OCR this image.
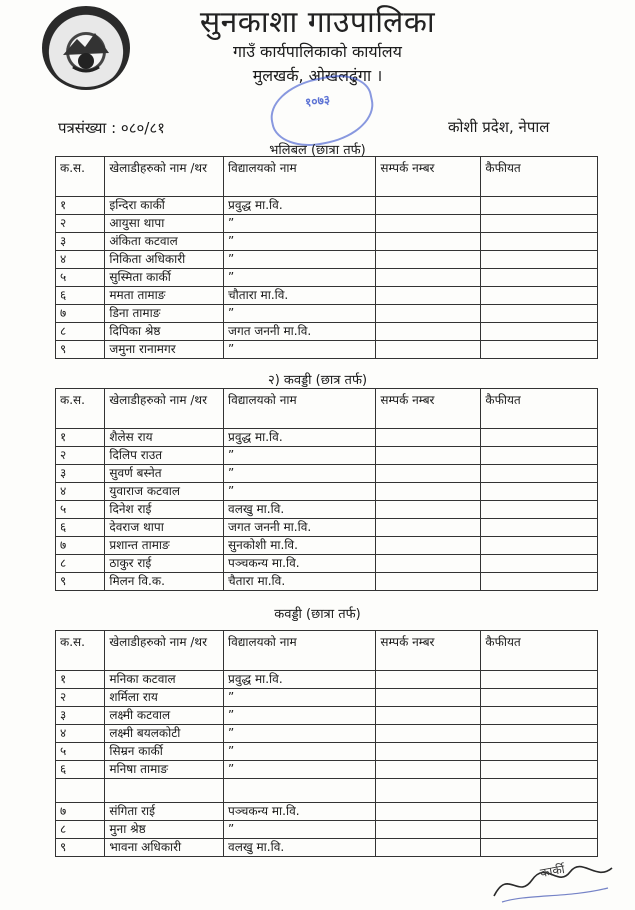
सुनकाशा गाउपालिका
गाउँ कार्यपालिकाको कार्यालय
मुलखर्क, ओखलढुंगा ।
१०७३
पत्रसंख्या : ०८०/८१	कोशी प्रदेश, नेपाल
भलिबल (छात्रा तर्फ)
क.स.	खेलाडीहरुको नाम /थर	विद्यालयको नाम	सम्पर्क नम्बर	कैफीयत
१	इन्दिरा कार्की	प्रवुद्ध मा.वि.		
२	आयुसा थापा	”		
३	अंकिता कटवाल	”		
४	निकिता अधिकारी	”		
५	सुस्मिता कार्की	”		
६	ममता तामाङ	चौतारा मा.वि.		
७	डिना तामाङ	”		
८	दिपिका श्रेष्ठ	जगत जननी मा.वि.		
९	जमुना रानामगर	”		
२) कवड्डी (छात्र तर्फ)
क.स.	खेलाडीहरुको नाम /थर	विद्यालयको नाम	सम्पर्क नम्बर	कैफीयत
१	शैलेस राय	प्रवुद्ध मा.वि.		
२	दिलिप राउत	”		
३	सुवर्ण बस्नेत	”		
४	युवाराज कटवाल	”		
५	दिनेश राई	वलखु मा.वि.		
६	देवराज थापा	जगत जननी मा.वि.		
७	प्रशान्त तामाङ	सुनकोशी मा.वि.		
८	ठाकुर राई	पञ्चकन्य मा.वि.		
९	मिलन वि.क.	चैतारा मा.वि.		
कवड्डी (छात्रा तर्फ)
क.स.	खेलाडीहरुको नाम /थर	विद्यालयको नाम	सम्पर्क नम्बर	कैफीयत
१	मनिका कटवाल	प्रवुद्ध मा.वि.		
२	शर्मिला राय	”		
३	लक्ष्मी कटवाल	”		
४	लक्ष्मी बयलकोटी	”		
५	सिम्रन कार्की	”		
६	मनिषा तामाङ	”		

७	संगिता राई	पञ्चकन्य मा.वि.		
८	मुना श्रेष्ठ	”		
९	भावना अधिकारी	वलखु मा.वि.		
कार्की
